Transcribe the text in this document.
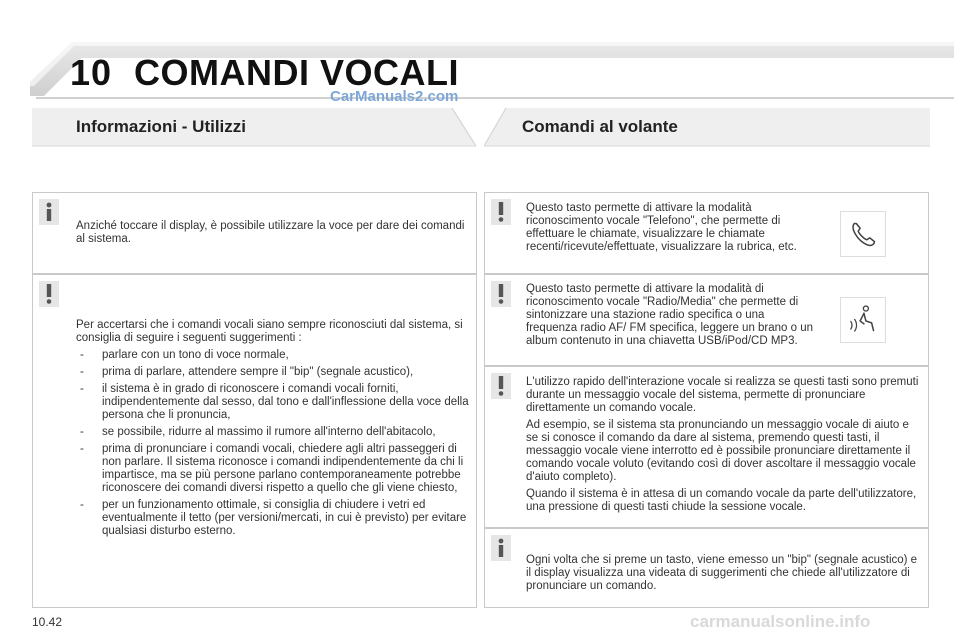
10 COMANDI VOCALI
CarManuals2.com
Informazioni - Utilizzi	Comandi al volante
Anziché toccare il display, è possibile utilizzare la voce per dare dei comandi al sistema.

Per accertarsi che i comandi vocali siano sempre riconosciuti dal sistema, si consiglia di seguire i seguenti suggerimenti :

- parlare con un tono di voce normale,
- prima di parlare, attendere sempre il "bip" (segnale acustico),
- il sistema è in grado di riconoscere i comandi vocali forniti, indipendentemente dal sesso, dal tono e dall'inflessione della voce della persona che li pronuncia,
- se possibile, ridurre al massimo il rumore all'interno dell'abitacolo,
- prima di pronunciare i comandi vocali, chiedere agli altri passeggeri di non parlare. Il sistema riconosce i comandi indipendentemente da chi li impartisce, ma se più persone parlano contemporaneamente potrebbe riconoscere dei comandi diversi rispetto a quello che gli viene chiesto,
- per un funzionamento ottimale, si consiglia di chiudere i vetri ed eventualmente il tetto (per versioni/mercati, in cui è previsto) per evitare qualsiasi disturbo esterno.
Questo tasto permette di attivare la modalità riconoscimento vocale "Telefono", che permette di effettuare le chiamate, visualizzare le chiamate recenti/ricevute/effettuate, visualizzare la rubrica, etc.
Questo tasto permette di attivare la modalità di riconoscimento vocale "Radio/Media" che permette di sintonizzare una stazione radio specifica o una frequenza radio AF/ FM specifica, leggere un brano o un album contenuto in una chiavetta USB/iPod/CD MP3.

L'utilizzo rapido dell'interazione vocale si realizza se questi tasti sono premuti durante un messaggio vocale del sistema, permette di pronunciare direttamente un comando vocale.

Ad esempio, se il sistema sta pronunciando un messaggio vocale di aiuto e se si conosce il comando da dare al sistema, premendo questi tasti, il messaggio vocale viene interrotto ed è possibile pronunciare direttamente il comando vocale voluto (evitando così di dover ascoltare il messaggio vocale d'aiuto completo).

Quando il sistema è in attesa di un comando vocale da parte dell'utilizzatore, una pressione di questi tasti chiude la sessione vocale.

Ogni volta che si preme un tasto, viene emesso un "bip" (segnale acustico) e il display visualizza una videata di suggerimenti che chiede all'utilizzatore di pronunciare un comando.
10.42	carmanualsonline.info
